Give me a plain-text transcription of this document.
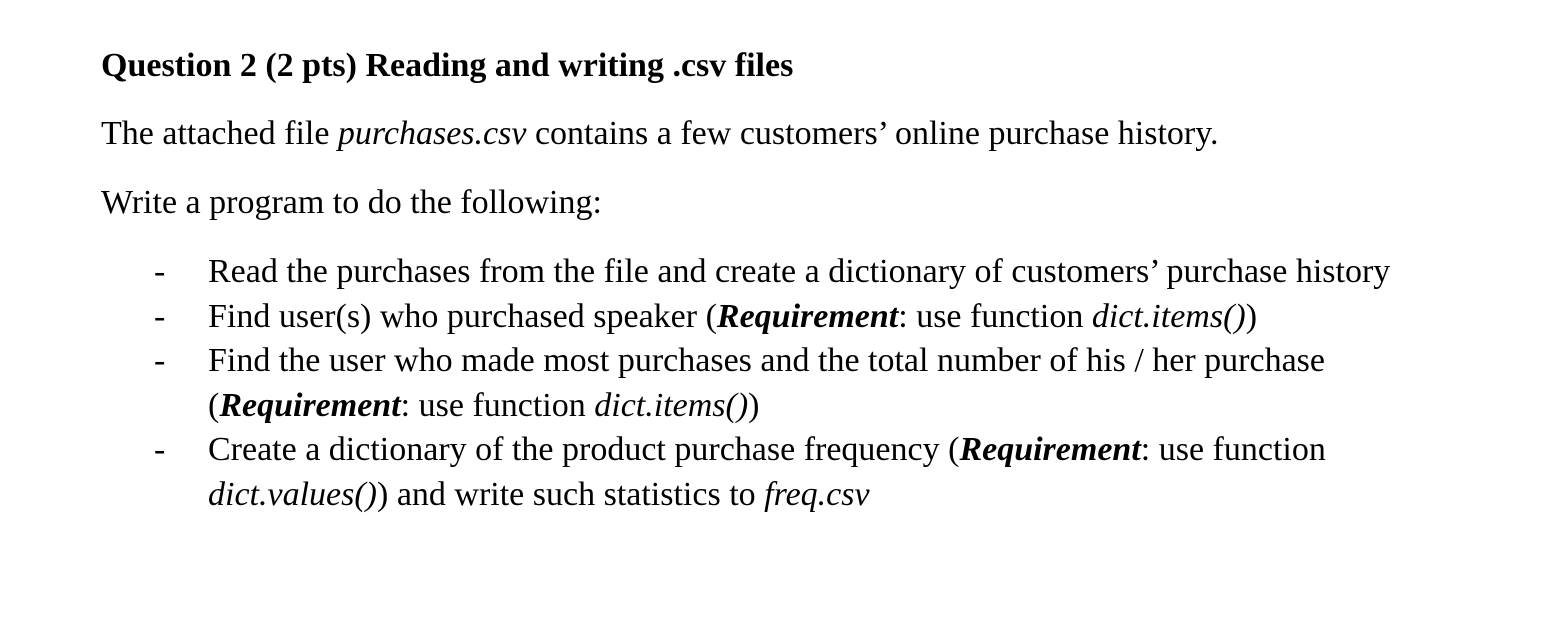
Question 2 (2 pts) Reading and writing .csv files
The attached file purchases.csv contains a few customers’ online purchase history.
Write a program to do the following:
- Read the purchases from the file and create a dictionary of customers’ purchase history
- Find user(s) who purchased speaker (Requirement: use function dict.items())
- Find the user who made most purchases and the total number of his / her purchase
(Requirement: use function dict.items())
- Create a dictionary of the product purchase frequency (Requirement: use function
dict.values()) and write such statistics to freq.csv
